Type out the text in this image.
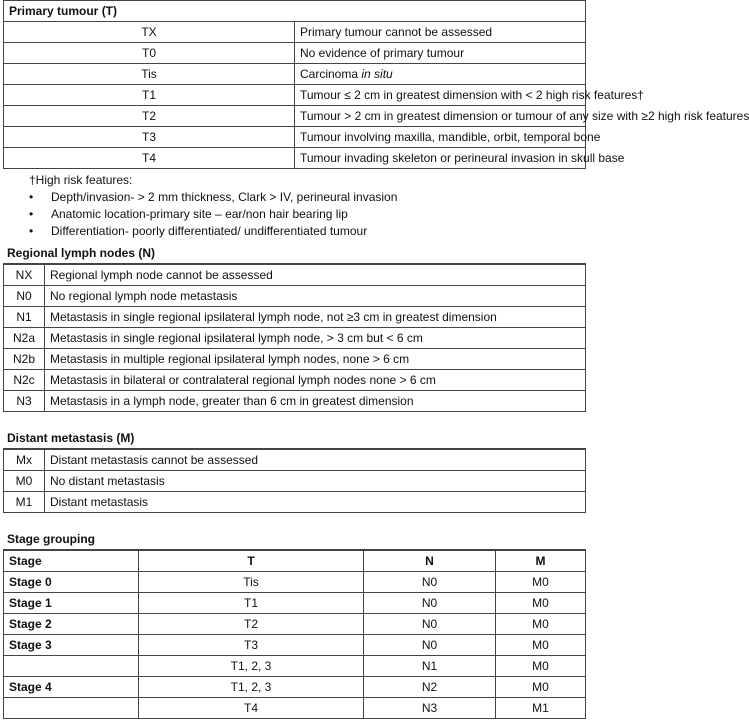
Primary tumour (T)	
TX	Primary tumour cannot be assessed
T0	No evidence of primary tumour
Tis	Carcinoma in situ
T1	Tumour ≤ 2 cm in greatest dimension with < 2 high risk features†
T2	Tumour > 2 cm in greatest dimension or tumour of any size with ≥2 high risk features
T3	Tumour involving maxilla, mandible, orbit, temporal bone
T4	Tumour invading skeleton or perineural invasion in skull base
†High risk features:
• Depth/invasion- > 2 mm thickness, Clark > IV, perineural invasion
• Anatomic location-primary site – ear/non hair bearing lip
• Differentiation- poorly differentiated/ undifferentiated tumour
Regional lymph nodes (N)
NX	Regional lymph node cannot be assessed
N0	No regional lymph node metastasis
N1	Metastasis in single regional ipsilateral lymph node, not ≥3 cm in greatest dimension
N2a	Metastasis in single regional ipsilateral lymph node, > 3 cm but < 6 cm
N2b	Metastasis in multiple regional ipsilateral lymph nodes, none > 6 cm
N2c	Metastasis in bilateral or contralateral regional lymph nodes none > 6 cm
N3	Metastasis in a lymph node, greater than 6 cm in greatest dimension
Distant metastasis (M)
Mx	Distant metastasis cannot be assessed
M0	No distant metastasis
M1	Distant metastasis
Stage grouping
Stage	T	N	M
Stage 0	Tis	N0	M0
Stage 1	T1	N0	M0
Stage 2	T2	N0	M0
Stage 3	T3	N0	M0
	T1, 2, 3	N1	M0
Stage 4	T1, 2, 3	N2	M0
	T4	N3	M1
